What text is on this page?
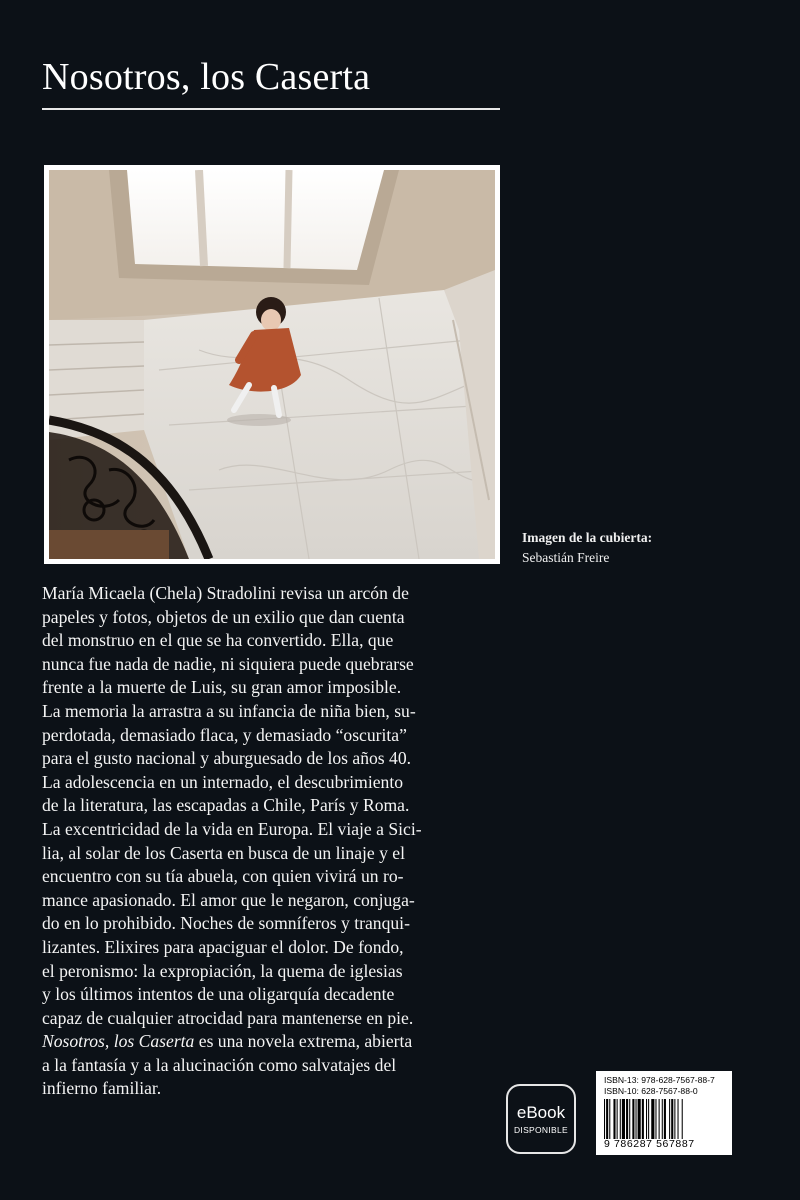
Nosotros, los Caserta
Imagen de la cubierta:
Sebastián Freire

María Micaela (Chela) Stradolini revisa un arcón de

papeles y fotos, objetos de un exilio que dan cuenta

del monstruo en el que se ha convertido. Ella, que

nunca fue nada de nadie, ni siquiera puede quebrarse

frente a la muerte de Luis, su gran amor imposible.

La memoria la arrastra a su infancia de niña bien, su-

perdotada, demasiado flaca, y demasiado “oscurita”

para el gusto nacional y aburguesado de los años 40.

La adolescencia en un internado, el descubrimiento

de la literatura, las escapadas a Chile, París y Roma.

La excentricidad de la vida en Europa. El viaje a Sici-

lia, al solar de los Caserta en busca de un linaje y el

encuentro con su tía abuela, con quien vivirá un ro-

mance apasionado. El amor que le negaron, conjuga-

do en lo prohibido. Noches de somníferos y tranqui-

lizantes. Elixires para apaciguar el dolor. De fondo,

el peronismo: la expropiación, la quema de iglesias

y los últimos intentos de una oligarquía decadente

capaz de cualquier atrocidad para mantenerse en pie.

Nosotros, los Caserta es una novela extrema, abierta

a la fantasía y a la alucinación como salvatajes del

infierno familiar.

eBook
DISPONIBLE
ISBN-13: 978-628-7567-88-7
ISBN-10: 628-7567-88-0
9 786287 567887
